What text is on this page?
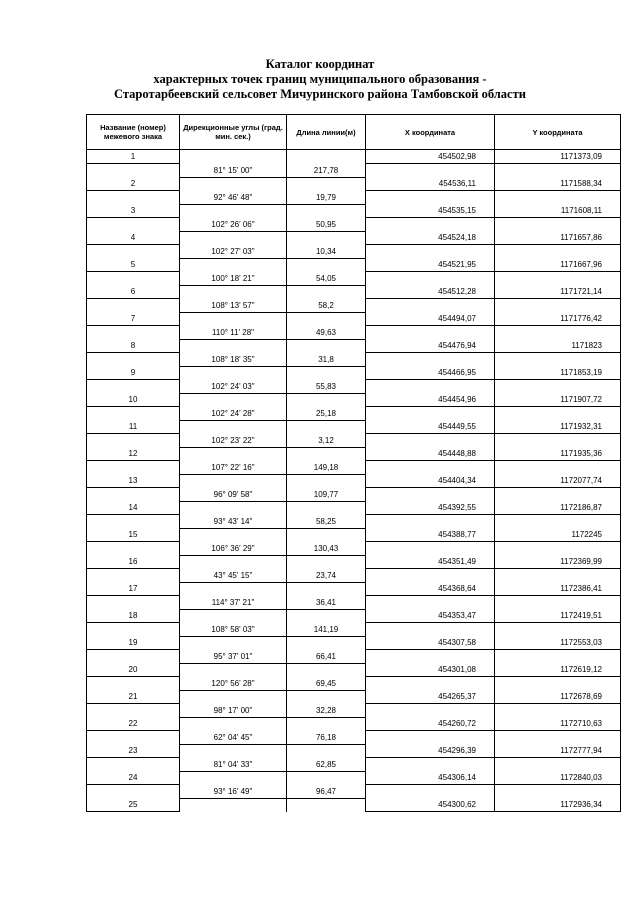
Каталог координат
характерных точек границ муниципального образования -
Старотарбеевский сельсовет Мичуринского района Тамбовской области
Название (номер) межевого знака	Дирекционные углы (град. мин. сек.)	Длина линии(м)	X координата	Y координата
1			454502,98	1171373,09
	81° 15' 00"	217,78		
2			454536,11	1171588,34
	92° 46' 48"	19,79		
3			454535,15	1171608,11
	102° 26' 06"	50,95		
4			454524,18	1171657,86
	102° 27' 03"	10,34		
5			454521,95	1171667,96
	100° 18' 21"	54,05		
6			454512,28	1171721,14
	108° 13' 57"	58,2		
7			454494,07	1171776,42
	110° 11' 28"	49,63		
8			454476,94	1171823
	108° 18' 35"	31,8		
9			454466,95	1171853,19
	102° 24' 03"	55,83		
10			454454,96	1171907,72
	102° 24' 28"	25,18		
11			454449,55	1171932,31
	102° 23' 22"	3,12		
12			454448,88	1171935,36
	107° 22' 16"	149,18		
13			454404,34	1172077,74
	96° 09' 58"	109,77		
14			454392,55	1172186,87
	93° 43' 14"	58,25		
15			454388,77	1172245
	106° 36' 29"	130,43		
16			454351,49	1172369,99
	43° 45' 15"	23,74		
17			454368,64	1172386,41
	114° 37' 21"	36,41		
18			454353,47	1172419,51
	108° 58' 03"	141,19		
19			454307,58	1172553,03
	95° 37' 01"	66,41		
20			454301,08	1172619,12
	120° 56' 28"	69,45		
21			454265,37	1172678,69
	98° 17' 00"	32,28		
22			454260,72	1172710,63
	62° 04' 45"	76,18		
23			454296,39	1172777,94
	81° 04' 33"	62,85		
24			454306,14	1172840,03
	93° 16' 49"	96,47		
25			454300,62	1172936,34
